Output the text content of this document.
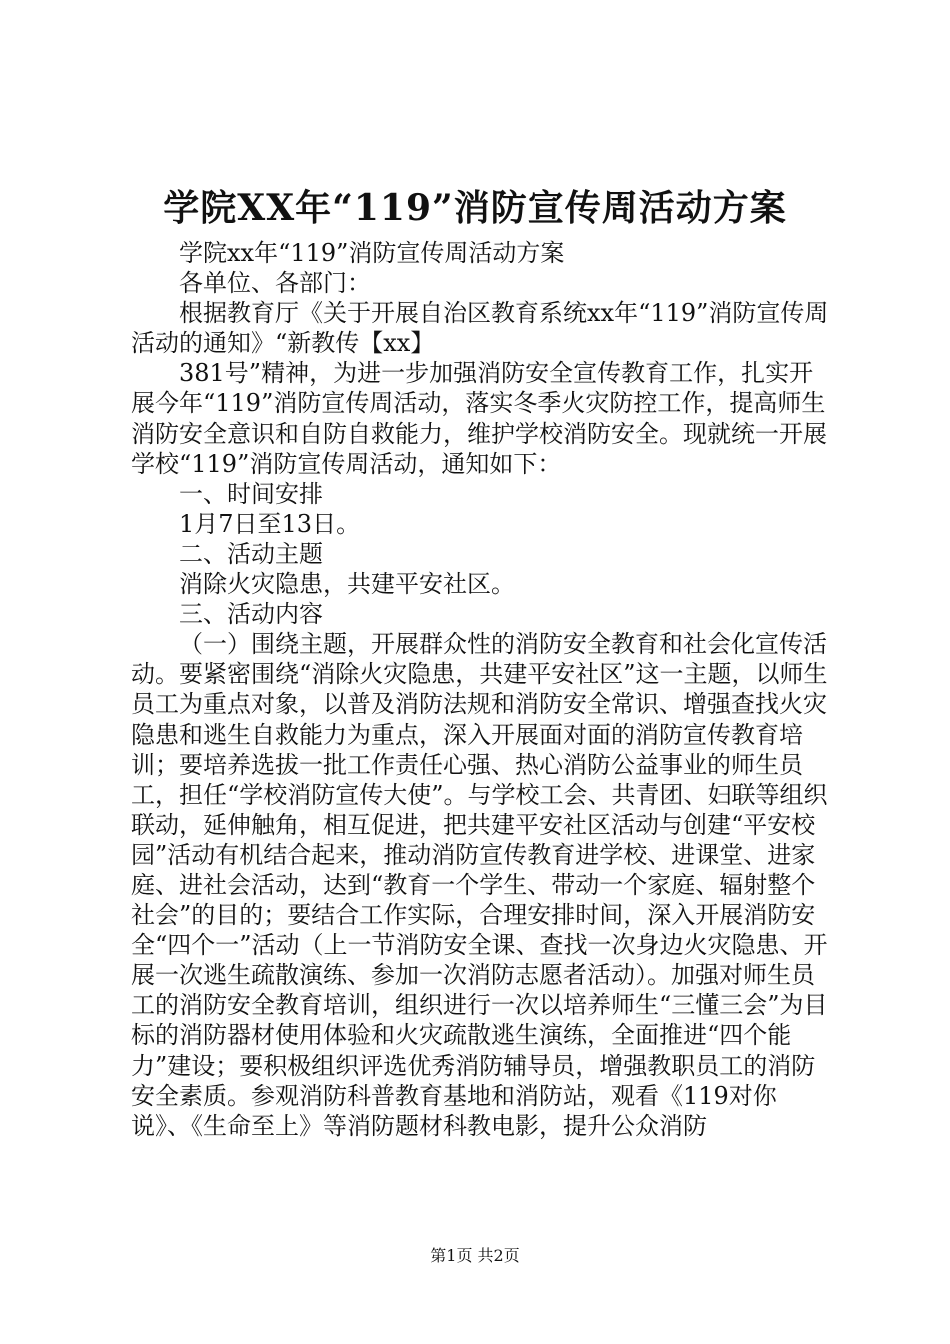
学院XX年“119”消防宣传周活动方案

学院xx年“119”消防宣传周活动方案

各单位、各部门：

根据教育厅《关于开展自治区教育系统xx年“119”消防宣传周活动的通知》“新教传【xx】

381号”精神，为进一步加强消防安全宣传教育工作，扎实开展今年“119”消防宣传周活动，落实冬季火灾防控工作，提高师生消防安全意识和自防自救能力，维护学校消防安全。现就统一开展学校“119”消防宣传周活动，通知如下：

一、时间安排

1月7日至13日。

二、活动主题

消除火灾隐患，共建平安社区。

三、活动内容

（一）围绕主题，开展群众性的消防安全教育和社会化宣传活动。要紧密围绕“消除火灾隐患，共建平安社区”这一主题，以师生员工为重点对象，以普及消防法规和消防安全常识、增强查找火灾隐患和逃生自救能力为重点，深入开展面对面的消防宣传教育培训；要培养选拔一批工作责任心强、热心消防公益事业的师生员工，担任“学校消防宣传大使”。与学校工会、共青团、妇联等组织联动，延伸触角，相互促进，把共建平安社区活动与创建“平安校园”活动有机结合起来，推动消防宣传教育进学校、进课堂、进家庭、进社会活动，达到“教育一个学生、带动一个家庭、辐射整个社会”的目的；要结合工作实际，合理安排时间，深入开展消防安全“四个一”活动（上一节消防安全课、查找一次身边火灾隐患、开展一次逃生疏散演练、参加一次消防志愿者活动）。加强对师生员工的消防安全教育培训，组织进行一次以培养师生“三懂三会”为目标的消防器材使用体验和火灾疏散逃生演练，全面推进“四个能力”建设；要积极组织评选优秀消防辅导员，增强教职员工的消防安全素质。参观消防科普教育基地和消防站，观看《119对你说》、《生命至上》等消防题材科教电影，提升公众消防

第1页 共2页
